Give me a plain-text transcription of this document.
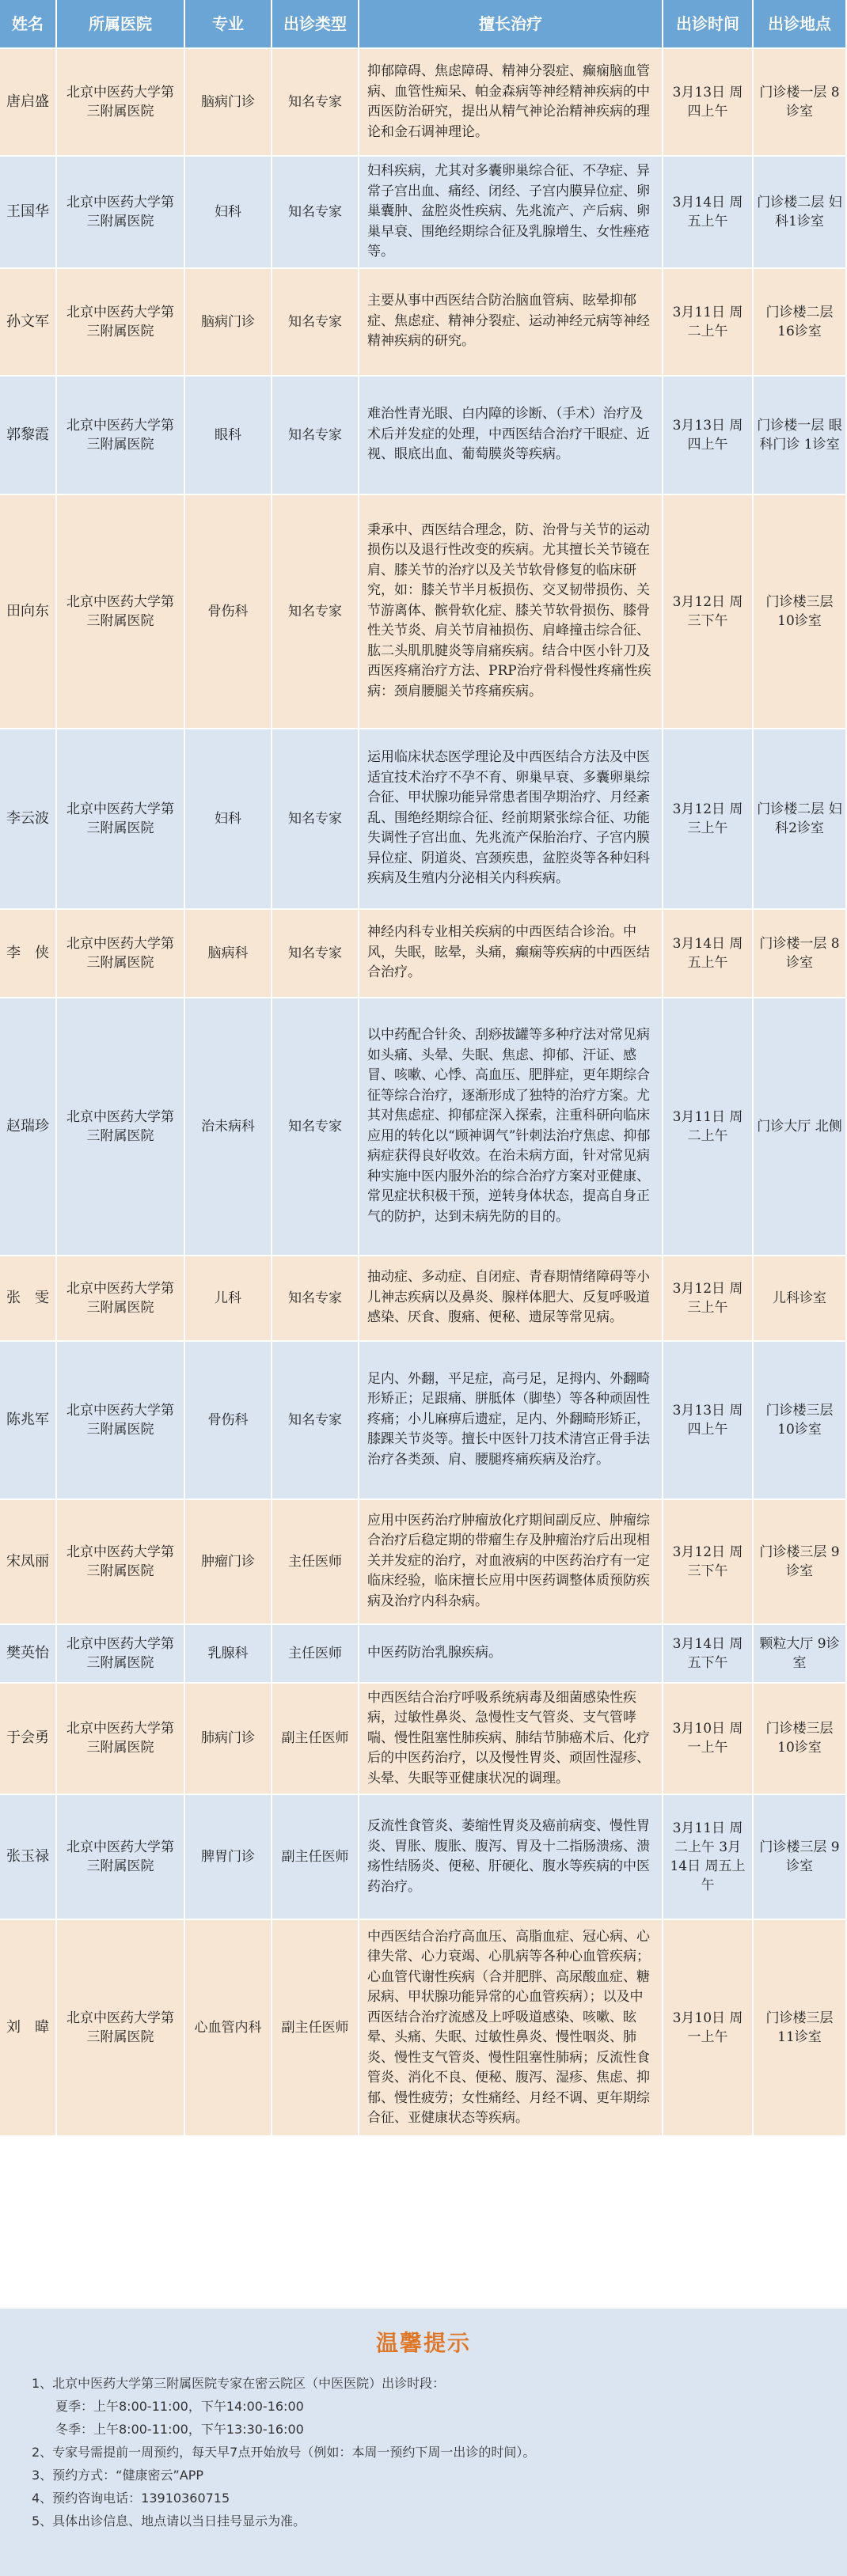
姓名	所属医院	专业	出诊类型	擅长治疗	出诊时间	出诊地点
唐启盛	北京中医药大学第三附属医院	脑病门诊	知名专家	抑郁障碍、焦虑障碍、精神分裂症、癫痫脑血管病、血管性痴呆、帕金森病等神经精神疾病的中西医防治研究，提出从精气神论治精神疾病的理论和金石调神理论。	3月13日 周四上午	门诊楼一层 8诊室
王国华	北京中医药大学第三附属医院	妇科	知名专家	妇科疾病，尤其对多囊卵巢综合征、不孕症、异常子宫出血、痛经、闭经、子宫内膜异位症、卵巢囊肿、盆腔炎性疾病、先兆流产、产后病、卵巢早衰、围绝经期综合征及乳腺增生、女性痤疮等。	3月14日 周五上午	门诊楼二层 妇科1诊室
孙文军	北京中医药大学第三附属医院	脑病门诊	知名专家	主要从事中西医结合防治脑血管病、眩晕抑郁症、焦虑症、精神分裂症、运动神经元病等神经精神疾病的研究。	3月11日 周二上午	门诊楼二层 16诊室
郭黎霞	北京中医药大学第三附属医院	眼科	知名专家	难治性青光眼、白内障的诊断、（手术）治疗及术后并发症的处理，中西医结合治疗干眼症、近视、眼底出血、葡萄膜炎等疾病。	3月13日 周四上午	门诊楼一层 眼科门诊 1诊室
田向东	北京中医药大学第三附属医院	骨伤科	知名专家	秉承中、西医结合理念，防、治骨与关节的运动损伤以及退行性改变的疾病。尤其擅长关节镜在肩、膝关节的治疗以及关节软骨修复的临床研究，如：膝关节半月板损伤、交叉韧带损伤、关节游离体、髌骨软化症、膝关节软骨损伤、膝骨性关节炎、肩关节肩袖损伤、肩峰撞击综合征、肱二头肌肌腱炎等肩痛疾病。结合中医小针刀及西医疼痛治疗方法、PRP治疗骨科慢性疼痛性疾病：颈肩腰腿关节疼痛疾病。	3月12日 周三下午	门诊楼三层 10诊室
李云波	北京中医药大学第三附属医院	妇科	知名专家	运用临床状态医学理论及中西医结合方法及中医适宜技术治疗不孕不育、卵巢早衰、多囊卵巢综合征、甲状腺功能异常患者围孕期治疗、月经紊乱、围绝经期综合征、经前期紧张综合征、功能失调性子宫出血、先兆流产保胎治疗、子宫内膜异位症、阴道炎、宫颈疾患，盆腔炎等各种妇科疾病及生殖内分泌相关内科疾病。	3月12日 周三上午	门诊楼二层 妇科2诊室
李　侠	北京中医药大学第三附属医院	脑病科	知名专家	神经内科专业相关疾病的中西医结合诊治。中风，失眠，眩晕，头痛，癫痫等疾病的中西医结合治疗。	3月14日 周五上午	门诊楼一层 8诊室
赵瑞珍	北京中医药大学第三附属医院	治未病科	知名专家	以中药配合针灸、刮痧拔罐等多种疗法对常见病如头痛、头晕、失眠、焦虑、抑郁、汗证、感冒、咳嗽、心悸、高血压、肥胖症，更年期综合征等综合治疗，逐渐形成了独特的治疗方案。尤其对焦虑症、抑郁症深入探索，注重科研向临床应用的转化以“顾神调气”针刺法治疗焦虑、抑郁病症获得良好收效。在治未病方面，针对常见病种实施中医内服外治的综合治疗方案对亚健康、常见症状积极干预，逆转身体状态，提高自身正气的防护，达到未病先防的目的。	3月11日 周二上午	门诊大厅 北侧
张　雯	北京中医药大学第三附属医院	儿科	知名专家	抽动症、多动症、自闭症、青春期情绪障碍等小儿神志疾病以及鼻炎、腺样体肥大、反复呼吸道感染、厌食、腹痛、便秘、遗尿等常见病。	3月12日 周三上午	儿科诊室
陈兆军	北京中医药大学第三附属医院	骨伤科	知名专家	足内、外翻，平足症，高弓足，足拇内、外翻畸形矫正；足跟痛、胼胝体（脚垫）等各种顽固性疼痛；小儿麻痹后遗症，足内、外翻畸形矫正，膝踝关节炎等。擅长中医针刀技术清宫正骨手法治疗各类颈、肩、腰腿疼痛疾病及治疗。	3月13日 周四上午	门诊楼三层 10诊室
宋凤丽	北京中医药大学第三附属医院	肿瘤门诊	主任医师	应用中医药治疗肿瘤放化疗期间副反应、肿瘤综合治疗后稳定期的带瘤生存及肿瘤治疗后出现相关并发症的治疗，对血液病的中医药治疗有一定临床经验，临床擅长应用中医药调整体质预防疾病及治疗内科杂病。	3月12日 周三下午	门诊楼三层 9诊室
樊英怡	北京中医药大学第三附属医院	乳腺科	主任医师	中医药防治乳腺疾病。	3月14日 周五下午	颗粒大厅 9诊室
于会勇	北京中医药大学第三附属医院	肺病门诊	副主任医师	中西医结合治疗呼吸系统病毒及细菌感染性疾病，过敏性鼻炎、急慢性支气管炎、支气管哮喘、慢性阻塞性肺疾病、肺结节肺癌术后、化疗后的中医药治疗，以及慢性胃炎、顽固性湿疹、头晕、失眠等亚健康状况的调理。	3月10日 周一上午	门诊楼三层 10诊室
张玉禄	北京中医药大学第三附属医院	脾胃门诊	副主任医师	反流性食管炎、萎缩性胃炎及癌前病变、慢性胃炎、胃胀、腹胀、腹泻、胃及十二指肠溃疡、溃疡性结肠炎、便秘、肝硬化、腹水等疾病的中医药治疗。	3月11日 周二上午 3月14日 周五上午	门诊楼三层 9诊室
刘　暐	北京中医药大学第三附属医院	心血管内科	副主任医师	中西医结合治疗高血压、高脂血症、冠心病、心律失常、心力衰竭、心肌病等各种心血管疾病；心血管代谢性疾病（合并肥胖、高尿酸血症、糖尿病、甲状腺功能异常的心血管疾病）；以及中西医结合治疗流感及上呼吸道感染、咳嗽、眩晕、头痛、失眠、过敏性鼻炎、慢性咽炎、肺炎、慢性支气管炎、慢性阻塞性肺病；反流性食管炎、消化不良、便秘、腹泻、湿疹、焦虑、抑郁、慢性疲劳；女性痛经、月经不调、更年期综合征、亚健康状态等疾病。	3月10日 周一上午	门诊楼三层 11诊室
温馨提示
1、北京中医药大学第三附属医院专家在密云院区（中医医院）出诊时段：
夏季：上午8:00-11:00，下午14:00-16:00
冬季：上午8:00-11:00，下午13:30-16:00
2、专家号需提前一周预约，每天早7点开始放号（例如：本周一预约下周一出诊的时间）。
3、预约方式：“健康密云”APP
4、预约咨询电话：13910360715
5、具体出诊信息、地点请以当日挂号显示为准。
